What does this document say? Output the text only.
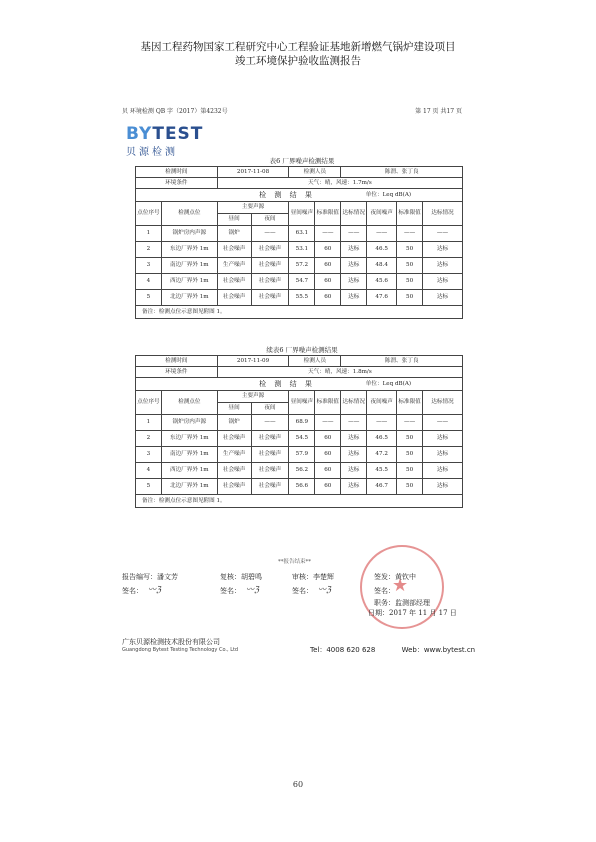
基因工程药物国家工程研究中心工程验证基地新增燃气锅炉建设项目
竣工环境保护验收监测报告
贝 环境检测 QB 字（2017）第4232号	第 17 页 共17 页
BYTEST
贝源检测
表6 厂界噪声检测结果
检测时间		2017-11-08		检测人员		陈渭、张丁良			
环境条件		天气：晴，风速：1.7m/s							
检 测 结 果					单位：Leq dB(A)				
点位序号	检测点位	主要声源		昼间噪声	标准限值	达标情况	夜间噪声	标准限值	达标情况
		昼间	夜间						
1	锅炉房内声源	锅炉	——	63.1	——	——	——	——	——
2	东边厂界外 1m	社会噪声	社会噪声	53.1	60	达标	46.5	50	达标
3	南边厂界外 1m	生产噪声	社会噪声	57.2	60	达标	48.4	50	达标
4	西边厂界外 1m	社会噪声	社会噪声	54.7	60	达标	45.6	50	达标
5	北边厂界外 1m	社会噪声	社会噪声	55.5	60	达标	47.6	50	达标
备注：检测点位示意图见附图 1。									
续表6 厂界噪声检测结果
检测时间		2017-11-09		检测人员		陈渭、张丁良			
环境条件		天气：晴，风速：1.8m/s							
检 测 结 果					单位：Leq dB(A)				
点位序号	检测点位	主要声源		昼间噪声	标准限值	达标情况	夜间噪声	标准限值	达标情况
		昼间	夜间						
1	锅炉房内声源	锅炉	——	68.9	——	——	——	——	——
2	东边厂界外 1m	社会噪声	社会噪声	54.5	60	达标	46.5	50	达标
3	南边厂界外 1m	生产噪声	社会噪声	57.9	60	达标	47.2	50	达标
4	西边厂界外 1m	社会噪声	社会噪声	56.2	60	达标	45.5	50	达标
5	北边厂界外 1m	社会噪声	社会噪声	56.6	60	达标	46.7	50	达标
备注：检测点位示意图见附图 1。									
**报告结束**
★
报告编写：潘文芳	复核：胡碧鸣	审核：李楚辉	签发：黄钦中
签名： 〰ℨ	签名： 〰ℨ	签名： 〰ℨ	签名：
职务：监测部经理
日期：2017 年 11 月 17 日
广东贝源检测技术股份有限公司
Guangdong Bytest Testing Technology Co., Ltd	Tel：4008 620 628	Web：www.bytest.cn
60
